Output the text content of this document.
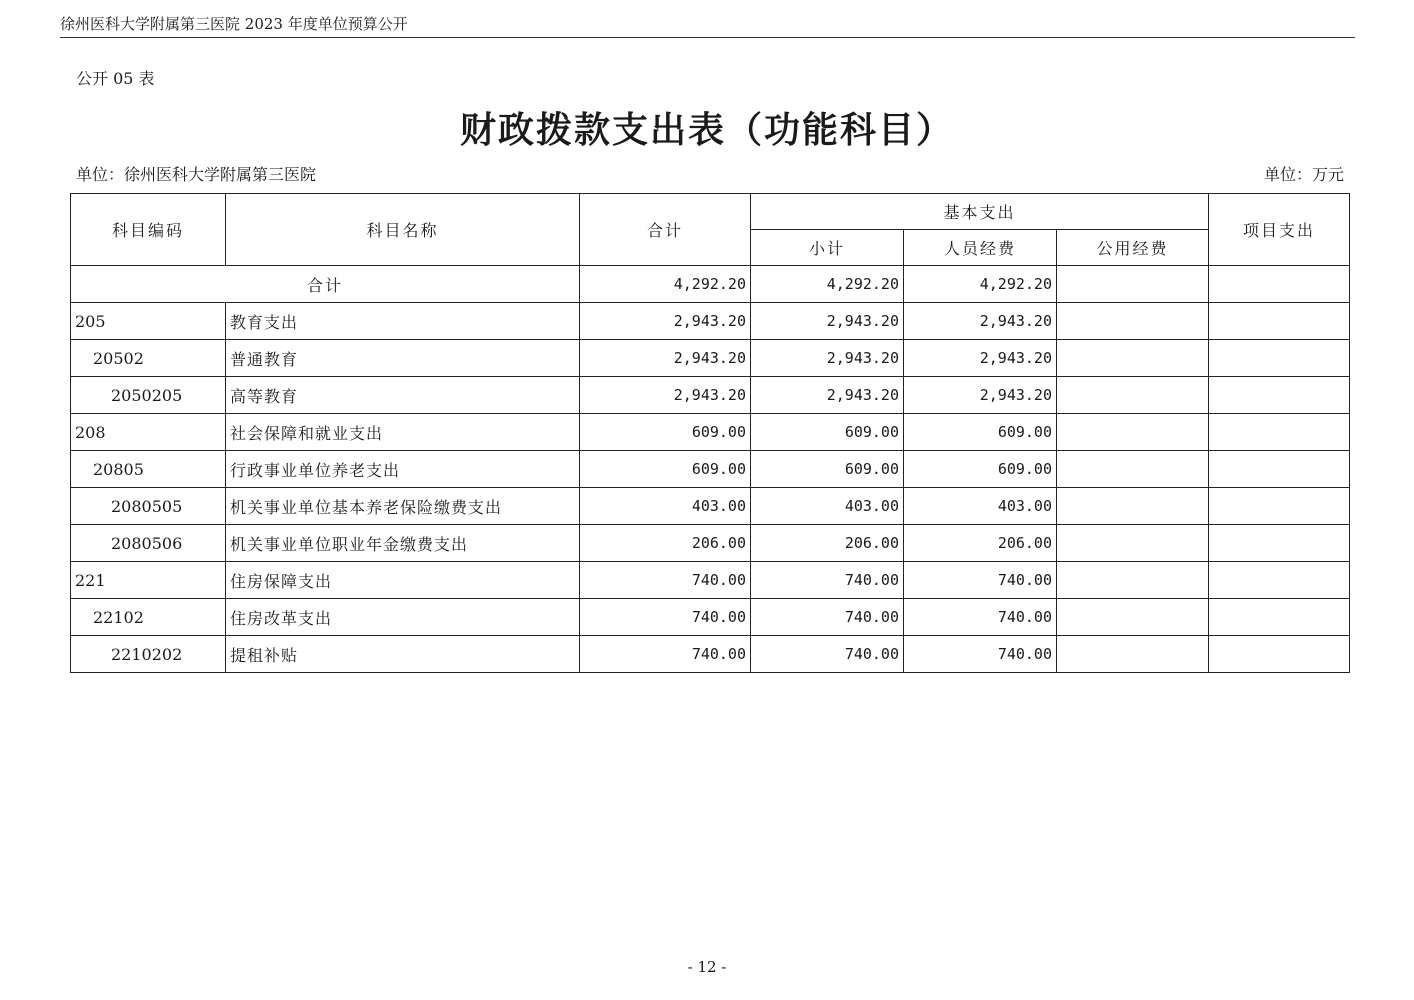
徐州医科大学附属第三医院 2023 年度单位预算公开
公开 05 表
财政拨款支出表（功能科目）
单位：徐州医科大学附属第三医院	单位：万元
科目编码	科目名称	合计	基本支出			项目支出
			小计	人员经费	公用经费	
合计		4,292.20	4,292.20	4,292.20		
205	教育支出	2,943.20	2,943.20	2,943.20		
20502	普通教育	2,943.20	2,943.20	2,943.20		
2050205	高等教育	2,943.20	2,943.20	2,943.20		
208	社会保障和就业支出	609.00	609.00	609.00		
20805	行政事业单位养老支出	609.00	609.00	609.00		
2080505	机关事业单位基本养老保险缴费支出	403.00	403.00	403.00		
2080506	机关事业单位职业年金缴费支出	206.00	206.00	206.00		
221	住房保障支出	740.00	740.00	740.00		
22102	住房改革支出	740.00	740.00	740.00		
2210202	提租补贴	740.00	740.00	740.00		
- 12 -
